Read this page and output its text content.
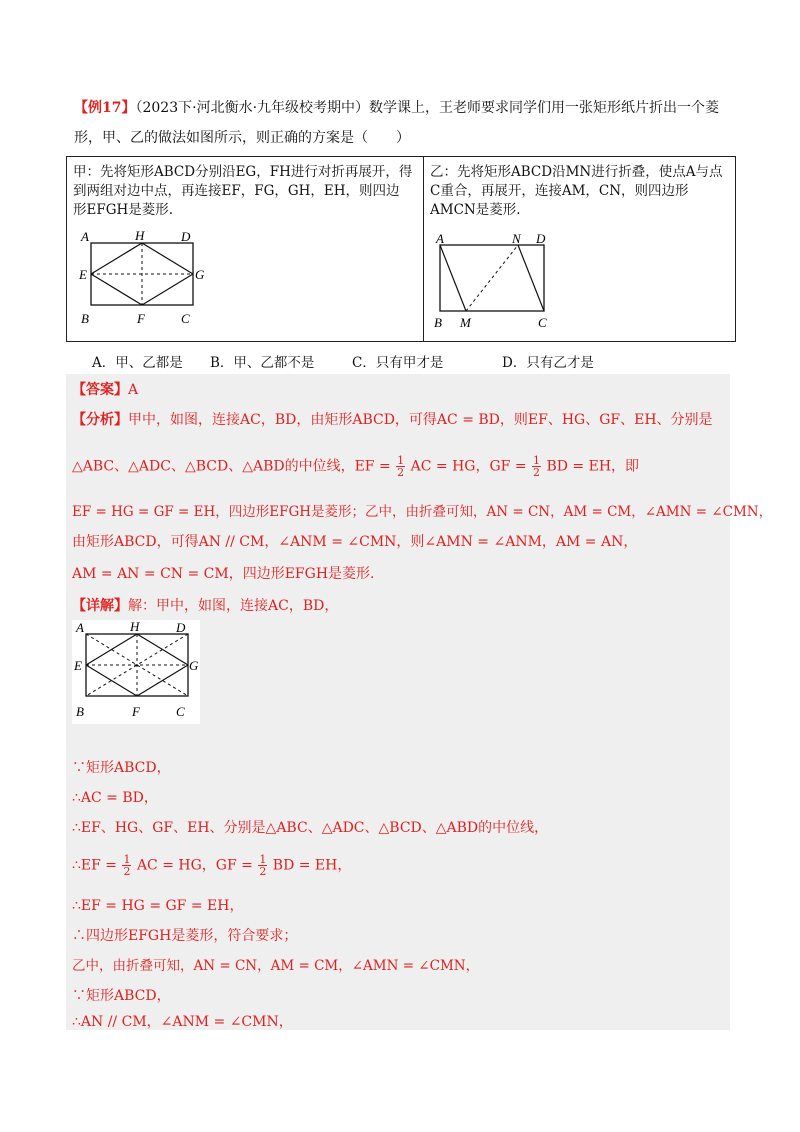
【例17】（2023下·河北衡水·九年级校考期中）数学课上，王老师要求同学们用一张矩形纸片折出一个菱
形，甲、乙的做法如图所示，则正确的方案是（　　）
甲：先将矩形ABCD分别沿EG，FH进行对折再展开，得到两组对边中点，再连接EF，FG，GH，EH，则四边形EFGH是菱形.
A	H	D
E	G
B	F	C

乙：先将矩形ABCD沿MN进行折叠，使点A与点C重合，再展开，连接AM，CN，则四边形AMCN是菱形.
A	N D
B M	C
A．甲、乙都是 B．甲、乙都不是	C．只有甲才是	D．只有乙才是
【答案】A
【分析】甲中，如图，连接AC，BD，由矩形ABCD，可得AC = BD，则EF、HG、GF、EH、分别是
△ABC、△ADC、△BCD、△ABD的中位线，EF = $\frac{1}{2}$ AC = HG，GF = $\frac{1}{2}$ BD = EH，即
EF = HG = GF = EH，四边形EFGH是菱形；乙中，由折叠可知，AN = CN，AM = CM，∠AMN = ∠CMN，
由矩形ABCD，可得AN // CM，∠ANM = ∠CMN，则∠AMN = ∠ANM，AM = AN，
AM = AN = CN = CM，四边形EFGH是菱形.
【详解】解：甲中，如图，连接AC，BD，
A	H	D
E	G
B	F	C
∵矩形ABCD，
∴AC = BD，
∴EF、HG、GF、EH、分别是△ABC、△ADC、△BCD、△ABD的中位线，
∴EF = $\frac{1}{2}$ AC = HG，GF = $\frac{1}{2}$ BD = EH，
∴EF = HG = GF = EH，
∴四边形EFGH是菱形，符合要求；
乙中，由折叠可知，AN = CN，AM = CM，∠AMN = ∠CMN，
∵矩形ABCD，
∴AN // CM，∠ANM = ∠CMN，
